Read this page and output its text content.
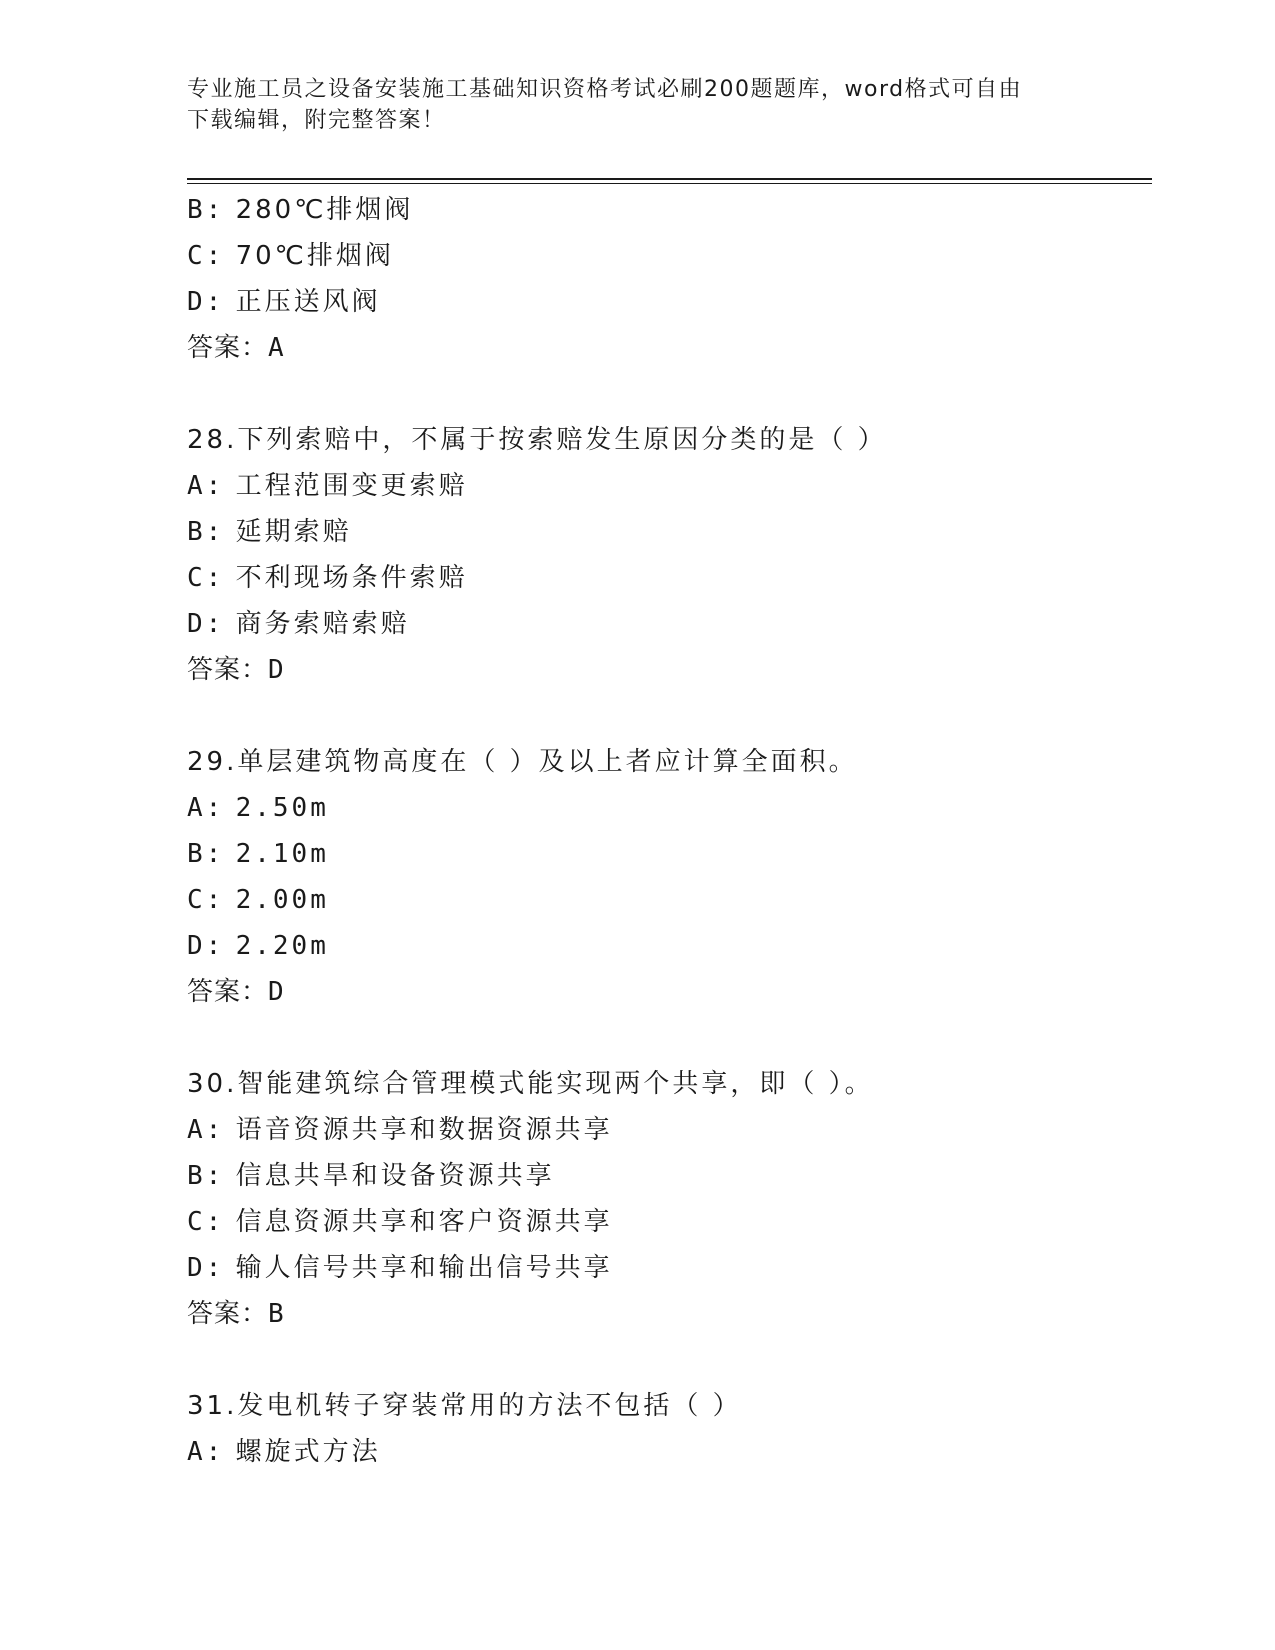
专业施工员之设备安装施工基础知识资格考试必刷200题题库，word格式可自由
下载编辑，附完整答案！
B: 280℃排烟阀
C: 70℃排烟阀
D: 正压送风阀
答案：A
28.下列索赔中，不属于按索赔发生原因分类的是（ ）
A: 工程范围变更索赔
B: 延期索赔
C: 不利现场条件索赔
D: 商务索赔索赔
答案：D
29.单层建筑物高度在（ ）及以上者应计算全面积。
A: 2.50m
B: 2.10m
C: 2.00m
D: 2.20m
答案：D
30.智能建筑综合管理模式能实现两个共享，即（ ）。
A: 语音资源共享和数据资源共享
B: 信息共旱和设备资源共享
C: 信息资源共享和客户资源共享
D: 输人信号共享和输出信号共享
答案：B
31.发电机转子穿装常用的方法不包括（ ）
A: 螺旋式方法
